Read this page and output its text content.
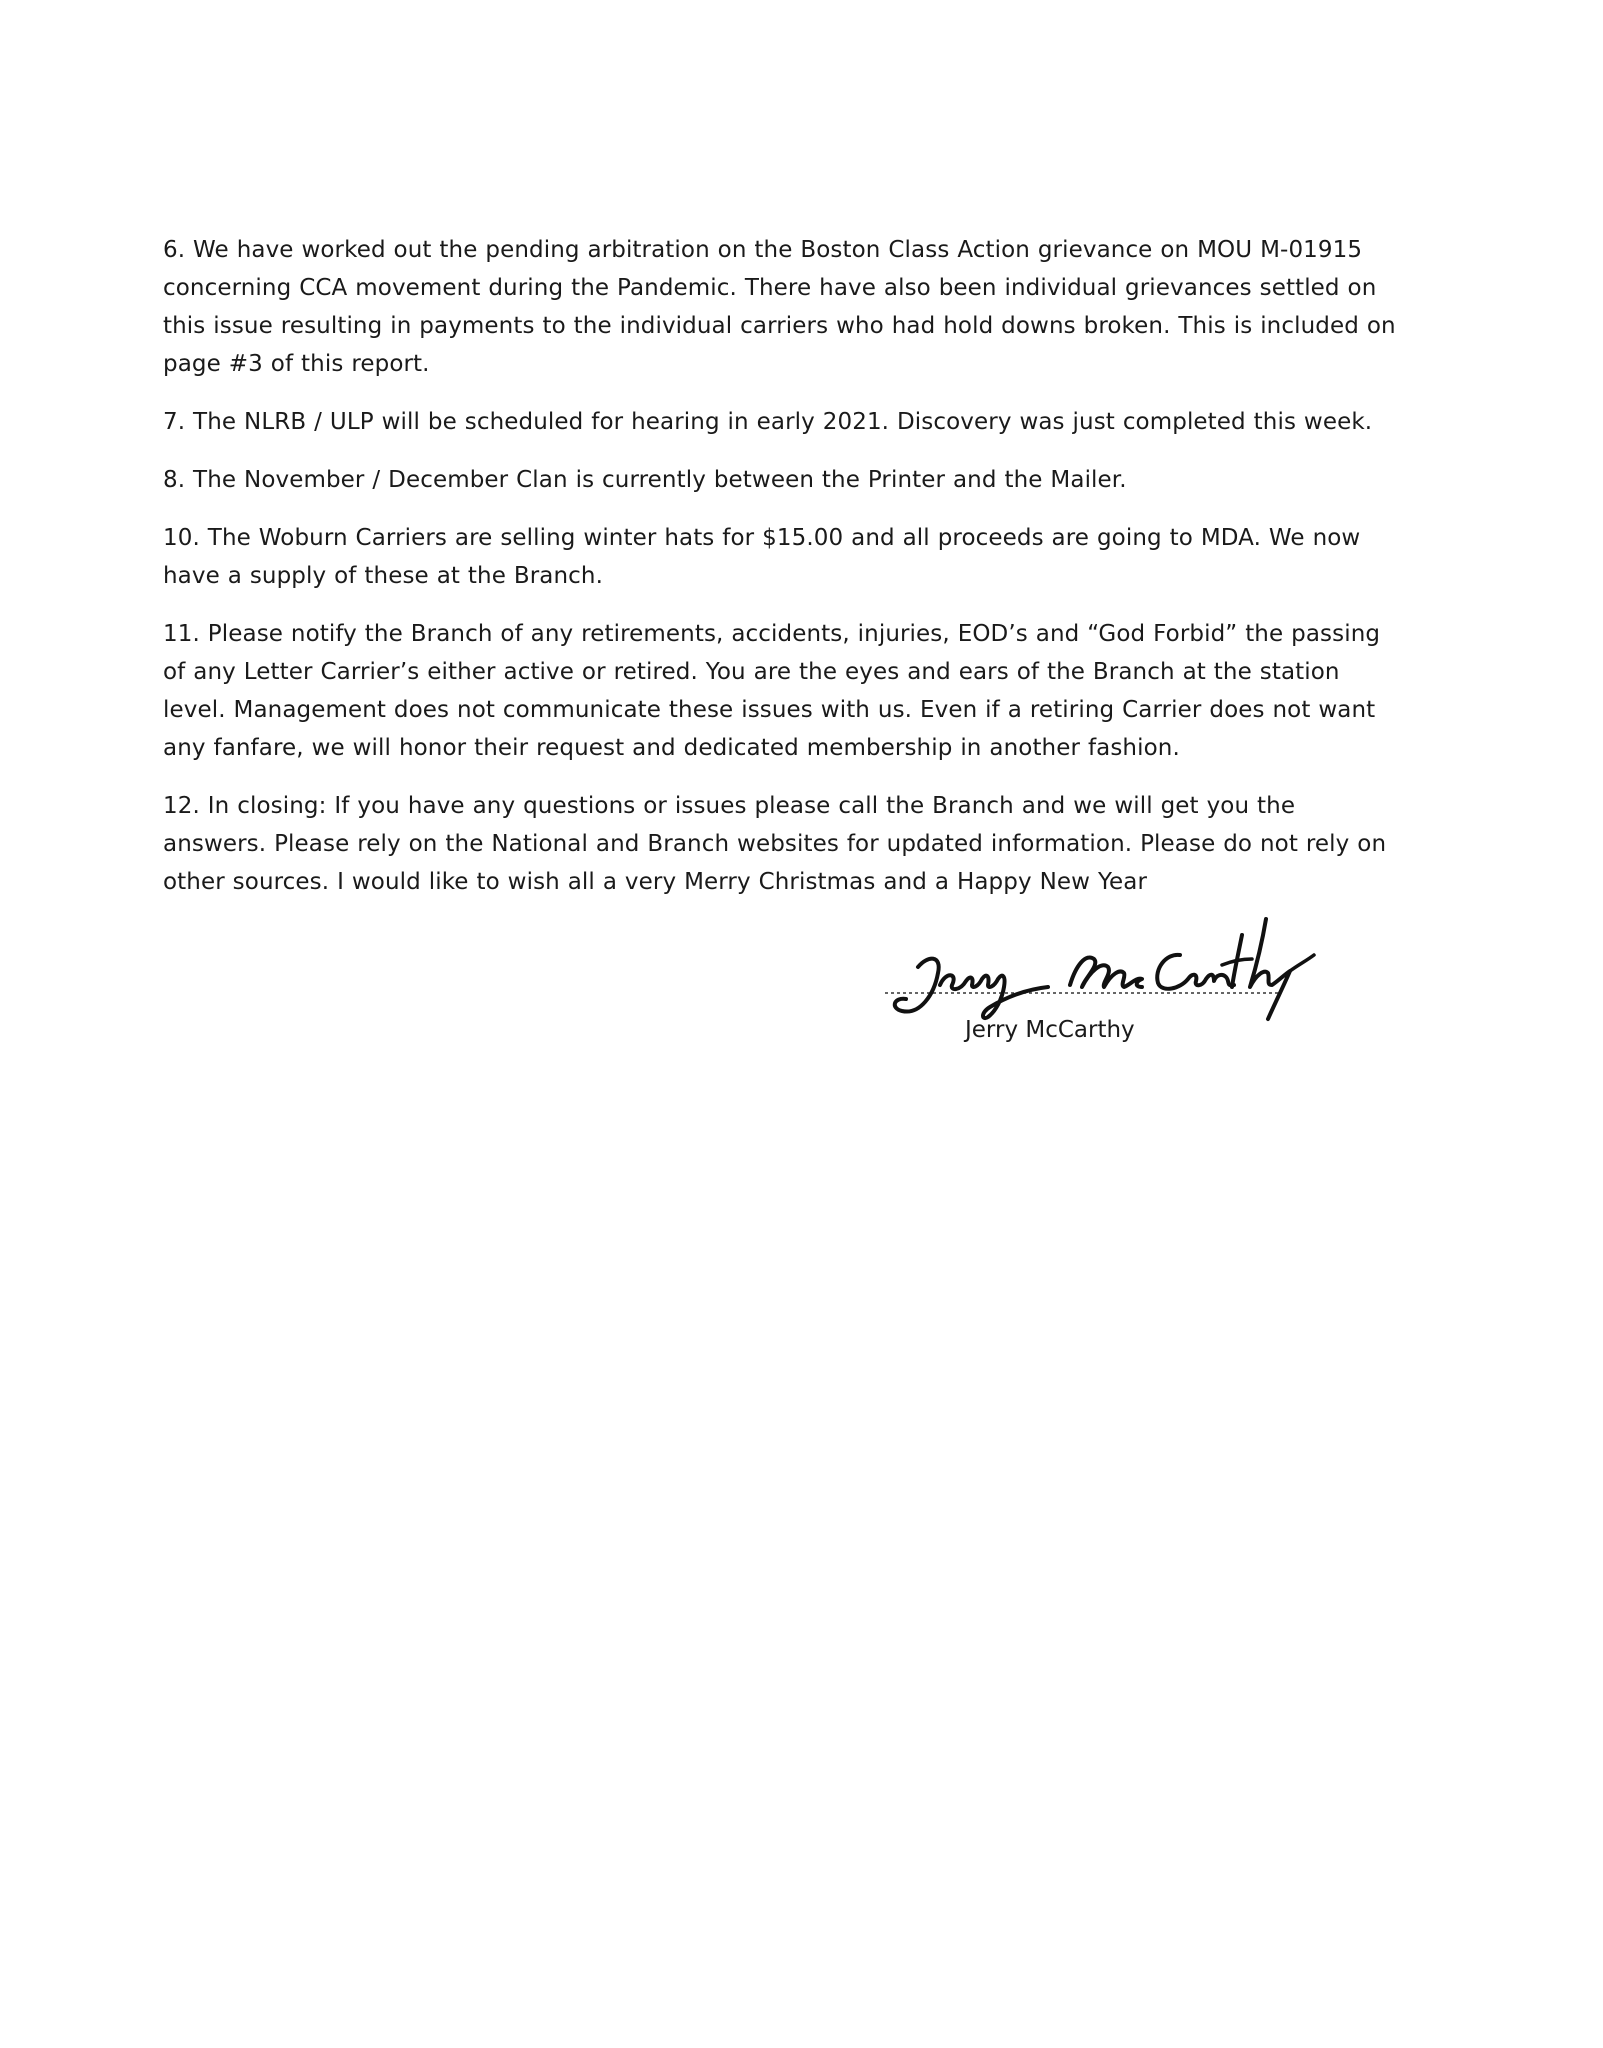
6. We have worked out the pending arbitration on the Boston Class Action grievance on MOU M-01915 concerning CCA movement during the Pandemic. There have also been individual grievances settled on this issue resulting in payments to the individual carriers who had hold downs broken. This is included on page #3 of this report.

7. The NLRB / ULP will be scheduled for hearing in early 2021. Discovery was just completed this week.

8. The November / December Clan is currently between the Printer and the Mailer.

10. The Woburn Carriers are selling winter hats for $15.00 and all proceeds are going to MDA. We now have a supply of these at the Branch.

11. Please notify the Branch of any retirements, accidents, injuries, EOD’s and “God Forbid” the passing of any Letter Carrier’s either active or retired. You are the eyes and ears of the Branch at the station level. Management does not communicate these issues with us. Even if a retiring Carrier does not want any fanfare, we will honor their request and dedicated membership in another fashion.

12. In closing: If you have any questions or issues please call the Branch and we will get you the answers. Please rely on the National and Branch websites for updated information. Please do not rely on other sources. I would like to wish all a very Merry Christmas and a Happy New Year

Jerry McCarthy
